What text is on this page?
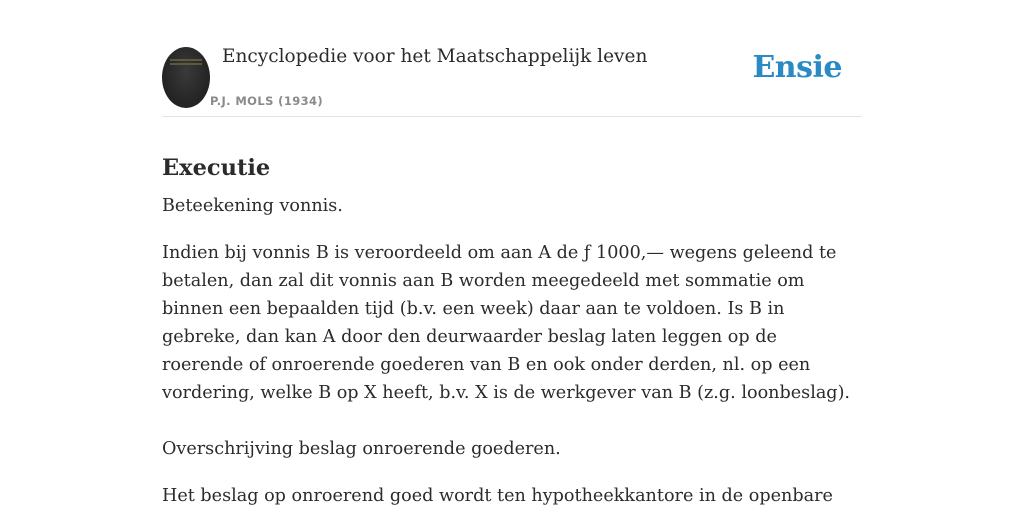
Encyclopedie voor het Maatschappelijk leven
P.J. MOLS (1934)
Ensie
Executie

Beteekening vonnis.

Indien bij vonnis B is veroordeeld om aan A de ƒ 1000,— wegens geleend te betalen, dan zal dit vonnis aan B worden meegedeeld met sommatie om binnen een bepaalden tijd (b.v. een week) daar aan te voldoen. Is B in gebreke, dan kan A door den deurwaarder beslag laten leggen op de roerende of onroerende goederen van B en ook onder derden, nl. op een vordering, welke B op X heeft, b.v. X is de werkgever van B (z.g. loonbeslag).

Overschrijving beslag onroerende goederen.

Het beslag op onroerend goed wordt ten hypotheekkantore in de openbare
